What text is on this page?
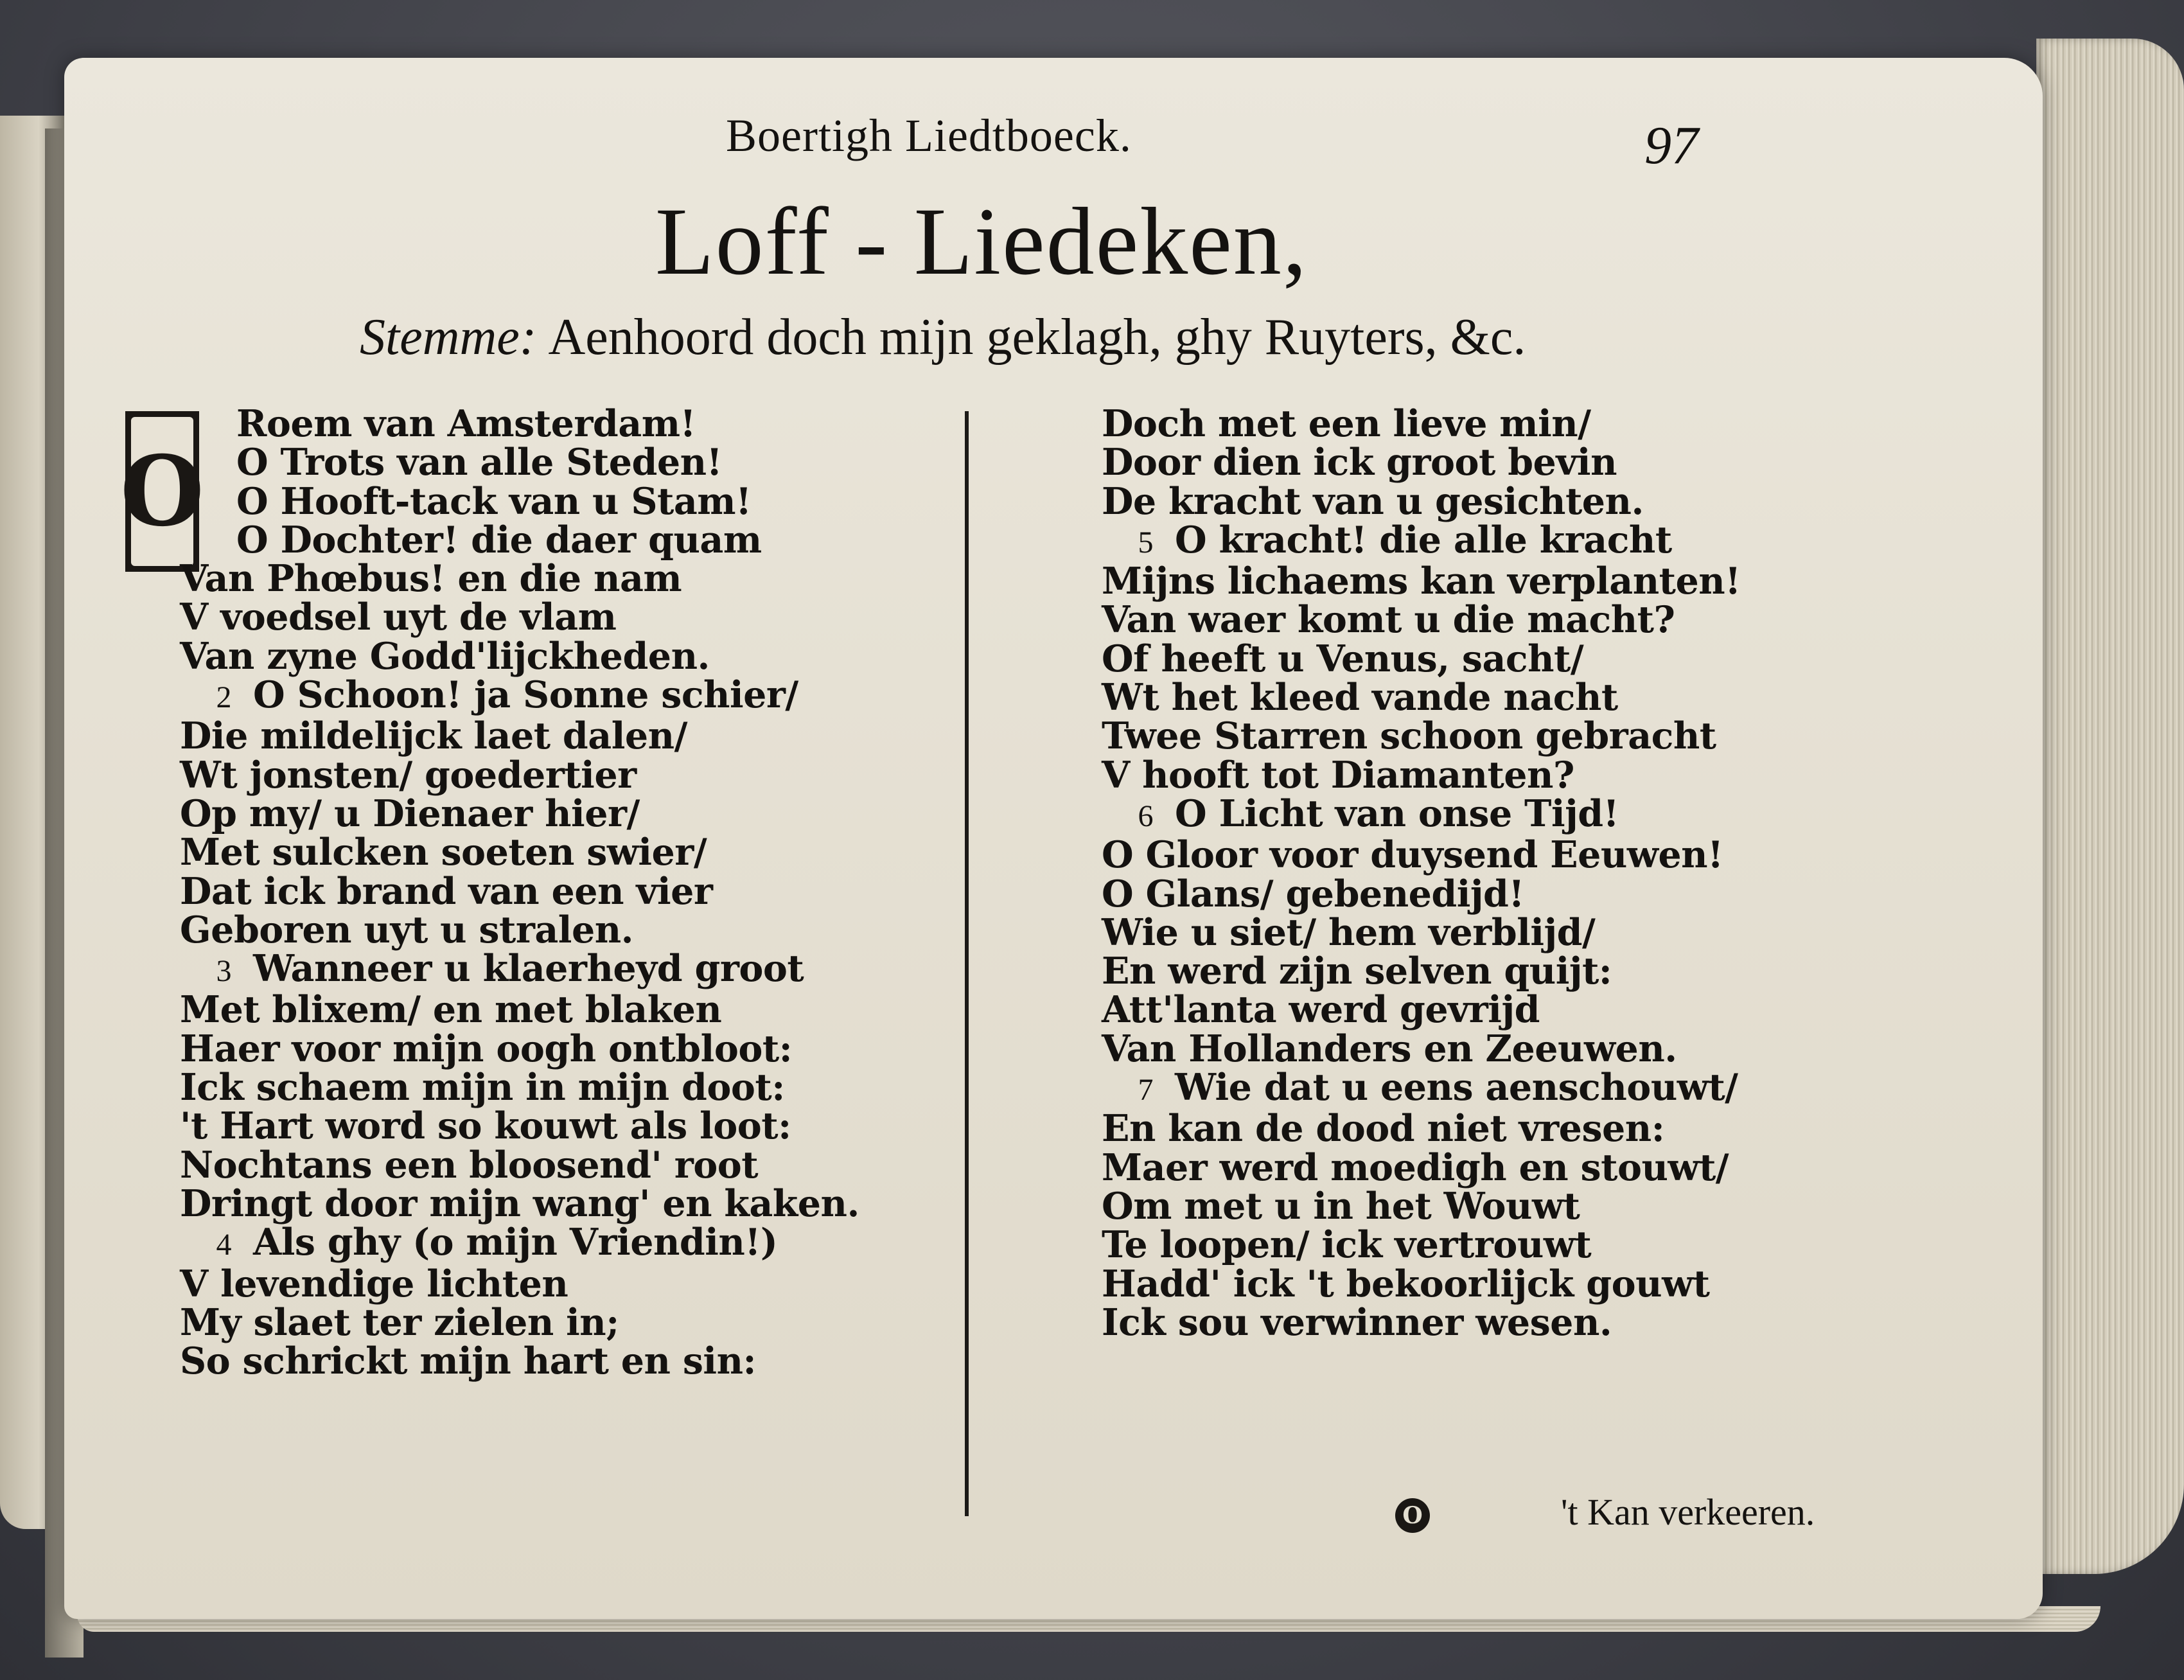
Boertigh Liedtboeck.	97
Loff - Liedeken,
Stemme: Aenhoord doch mijn geklagh, ghy Ruyters, &c.
O
Roem van Amsterdam!
O Trots van alle Steden!
O Hooft-tack van u Stam!
O Dochter! die daer quam
Van Phœbus! en die nam
V voedsel uyt de vlam
Van zyne Godd'lijckheden.
2 O Schoon! ja Sonne schier/
Die mildelijck laet dalen/
Wt jonsten/ goedertier
Op my/ u Dienaer hier/
Met sulcken soeten swier/
Dat ick brand van een vier
Geboren uyt u stralen.
3 Wanneer u klaerheyd groot
Met blixem/ en met blaken
Haer voor mijn oogh ontbloot:
Ick schaem mijn in mijn doot:
't Hart word so kouwt als loot:
Nochtans een bloosend' root
Dringt door mijn wang' en kaken.
4 Als ghy (o mijn Vriendin!)
V levendige lichten
My slaet ter zielen in;
So schrickt mijn hart en sin:
Doch met een lieve min/
Door dien ick groot bevin
De kracht van u gesichten.
5 O kracht! die alle kracht
Mijns lichaems kan verplanten!
Van waer komt u die macht?
Of heeft u Venus, sacht/
Wt het kleed vande nacht
Twee Starren schoon gebracht
V hooft tot Diamanten?
6 O Licht van onse Tijd!
O Gloor voor duysend Eeuwen!
O Glans/ gebenedijd!
Wie u siet/ hem verblijd/
En werd zijn selven quijt:
Att'lanta werd gevrijd
Van Hollanders en Zeeuwen.
7 Wie dat u eens aenschouwt/
En kan de dood niet vresen:
Maer werd moedigh en stouwt/
Om met u in het Wouwt
Te loopen/ ick vertrouwt
Hadd' ick 't bekoorlijck gouwt
Ick sou verwinner wesen.
O	't Kan verkeeren.
